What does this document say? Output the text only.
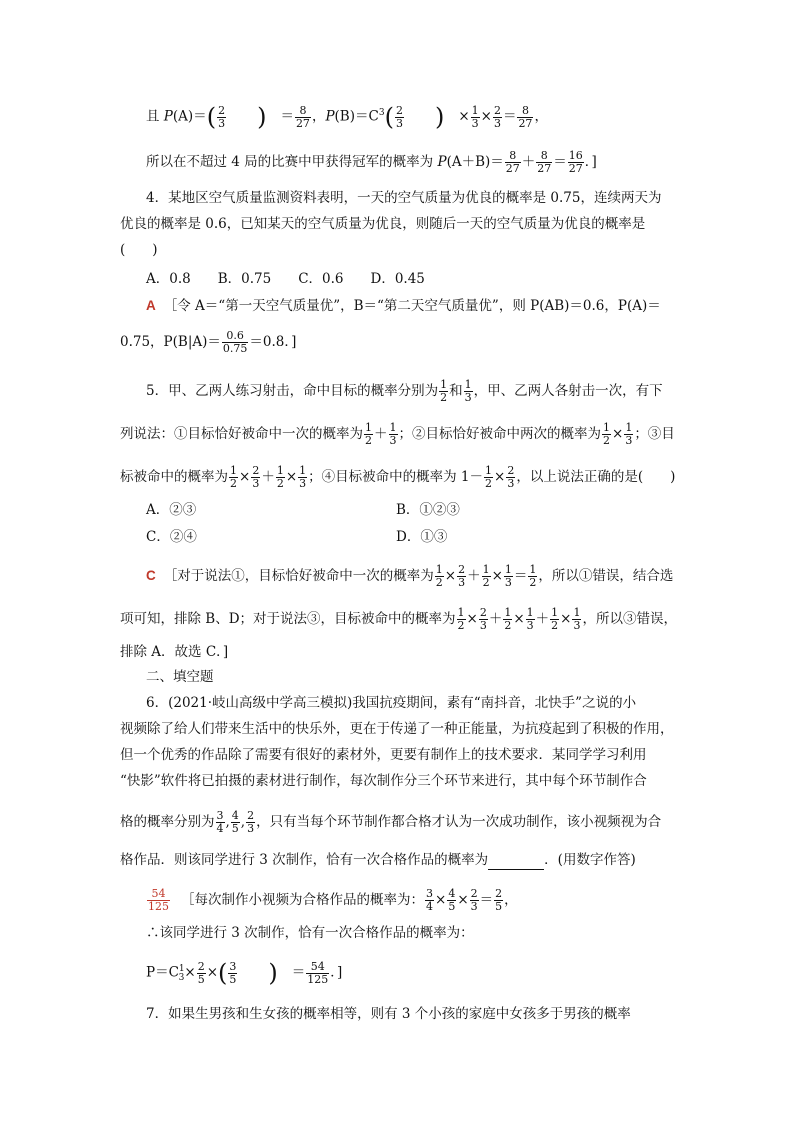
且 $P(A)=( \frac{2}{3}$ ) ＝ $\frac{8}{27}$ ，$P(B)=C^3( \frac{2}{3}$ ) × $\frac{1}{3} \times \frac{2}{3} = \frac{8}{27}$ ，
所以在不超过 4 局的比赛中甲获得冠军的概率为 $P(A+B)= \frac{8}{27} + \frac{8}{27} = \frac{16}{27}$ ．]
4．某地区空气质量监测资料表明，一天的空气质量为优良的概率是 0.75，连续两天为
优良的概率是 0.6，已知某天的空气质量为优良，则随后一天的空气质量为优良的概率是
(　　)
A．0.8　　B．0.75　　C．0.6　　D．0.45
A ［令 A＝“第一天空气质量优”，B＝“第二天空气质量优”，则 P(AB)＝0.6，P(A)＝
0.75，$P(B|A)= \frac{0.6}{0.75} =0.8$．]
5．甲、乙两人练习射击，命中目标的概率分别为 $\frac{1}{2}$ 和 $\frac{1}{3}$ ，甲、乙两人各射击一次，有下
列说法：①目标恰好被命中一次的概率为 $\frac{1}{2} + \frac{1}{3}$ ；②目标恰好被命中两次的概率为 $\frac{1}{2} \times \frac{1}{3}$ ；③目
标被命中的概率为 $\frac{1}{2} \times \frac{2}{3} + \frac{1}{2} \times \frac{1}{3}$ ；④目标被命中的概率为 $1- \frac{1}{2} \times \frac{2}{3}$ ，以上说法正确的是(　　)
A．②③	B．①②③
C．②④	D．①③
C ［对于说法①，目标恰好被命中一次的概率为 $\frac{1}{2} \times \frac{2}{3} + \frac{1}{2} \times \frac{1}{3} = \frac{1}{2}$ ，所以①错误，结合选
项可知，排除 B、D；对于说法③，目标被命中的概率为 $\frac{1}{2} \times \frac{2}{3} + \frac{1}{2} \times \frac{1}{3} + \frac{1}{2} \times \frac{1}{3}$ ，所以③错误，
排除 A．故选 C．]
二、填空题
6．(2021·岐山高级中学高三模拟)我国抗疫期间，素有“南抖音，北快手”之说的小
视频除了给人们带来生活中的快乐外，更在于传递了一种正能量，为抗疫起到了积极的作用，
但一个优秀的作品除了需要有很好的素材外，更要有制作上的技术要求．某同学学习利用
“快影”软件将已拍摄的素材进行制作，每次制作分三个环节来进行，其中每个环节制作合
格的概率分别为 $\frac{3}{4}$ , $\frac{4}{5}$ , $\frac{2}{3}$ ，只有当每个环节制作都合格才认为一次成功制作，该小视频视为合
格作品．则该同学进行 3 次制作，恰有一次合格作品的概率为	．(用数字作答)
$\frac{54}{125}$ ［每次制作小视频为合格作品的概率为： $\frac{3}{4} \times \frac{4}{5} \times \frac{2}{3} = \frac{2}{5}$ ，
∴该同学进行 3 次制作，恰有一次合格作品的概率为：
$P=C^1_3\times \frac{2}{5}$ ×( $\frac{3}{5}$ ) ＝ $\frac{54}{125}$ ．]
7．如果生男孩和生女孩的概率相等，则有 3 个小孩的家庭中女孩多于男孩的概率
